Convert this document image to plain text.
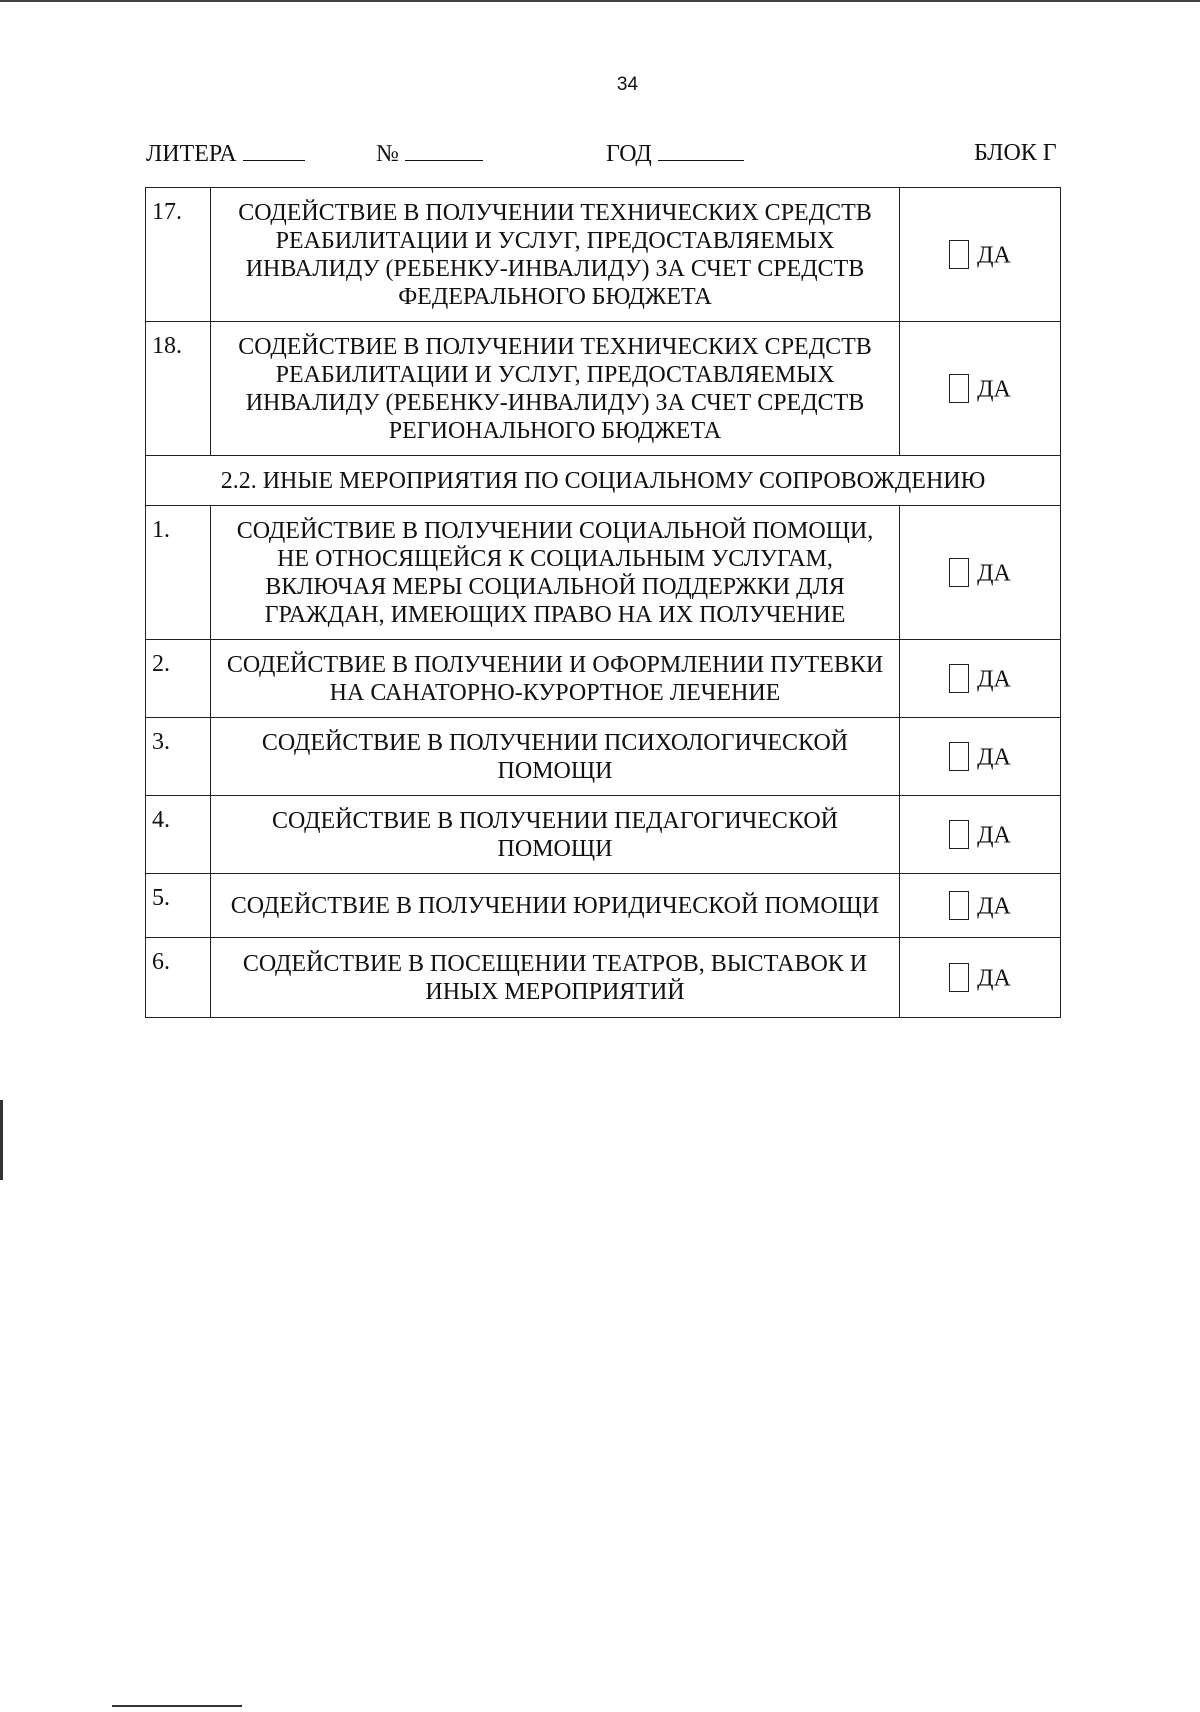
34
ЛИТЕРА	№	ГОД	БЛОК Г
17.	СОДЕЙСТВИЕ В ПОЛУЧЕНИИ ТЕХНИЧЕСКИХ СРЕДСТВ
РЕАБИЛИТАЦИИ И УСЛУГ, ПРЕДОСТАВЛЯЕМЫХ
ИНВАЛИДУ (РЕБЕНКУ-ИНВАЛИДУ) ЗА СЧЕТ СРЕДСТВ
ФЕДЕРАЛЬНОГО БЮДЖЕТА	ДА
18.	СОДЕЙСТВИЕ В ПОЛУЧЕНИИ ТЕХНИЧЕСКИХ СРЕДСТВ
РЕАБИЛИТАЦИИ И УСЛУГ, ПРЕДОСТАВЛЯЕМЫХ
ИНВАЛИДУ (РЕБЕНКУ-ИНВАЛИДУ) ЗА СЧЕТ СРЕДСТВ
РЕГИОНАЛЬНОГО БЮДЖЕТА	ДА
2.2. ИНЫЕ МЕРОПРИЯТИЯ ПО СОЦИАЛЬНОМУ СОПРОВОЖДЕНИЮ		
1.	СОДЕЙСТВИЕ В ПОЛУЧЕНИИ СОЦИАЛЬНОЙ ПОМОЩИ,
НЕ ОТНОСЯЩЕЙСЯ К СОЦИАЛЬНЫМ УСЛУГАМ,
ВКЛЮЧАЯ МЕРЫ СОЦИАЛЬНОЙ ПОДДЕРЖКИ ДЛЯ
ГРАЖДАН, ИМЕЮЩИХ ПРАВО НА ИХ ПОЛУЧЕНИЕ	ДА
2.	СОДЕЙСТВИЕ В ПОЛУЧЕНИИ И ОФОРМЛЕНИИ ПУТЕВКИ
НА САНАТОРНО-КУРОРТНОЕ ЛЕЧЕНИЕ	ДА
3.	СОДЕЙСТВИЕ В ПОЛУЧЕНИИ ПСИХОЛОГИЧЕСКОЙ
ПОМОЩИ	ДА
4.	СОДЕЙСТВИЕ В ПОЛУЧЕНИИ ПЕДАГОГИЧЕСКОЙ
ПОМОЩИ	ДА
5.	СОДЕЙСТВИЕ В ПОЛУЧЕНИИ ЮРИДИЧЕСКОЙ ПОМОЩИ	ДА
6.	СОДЕЙСТВИЕ В ПОСЕЩЕНИИ ТЕАТРОВ, ВЫСТАВОК И
ИНЫХ МЕРОПРИЯТИЙ	ДА
